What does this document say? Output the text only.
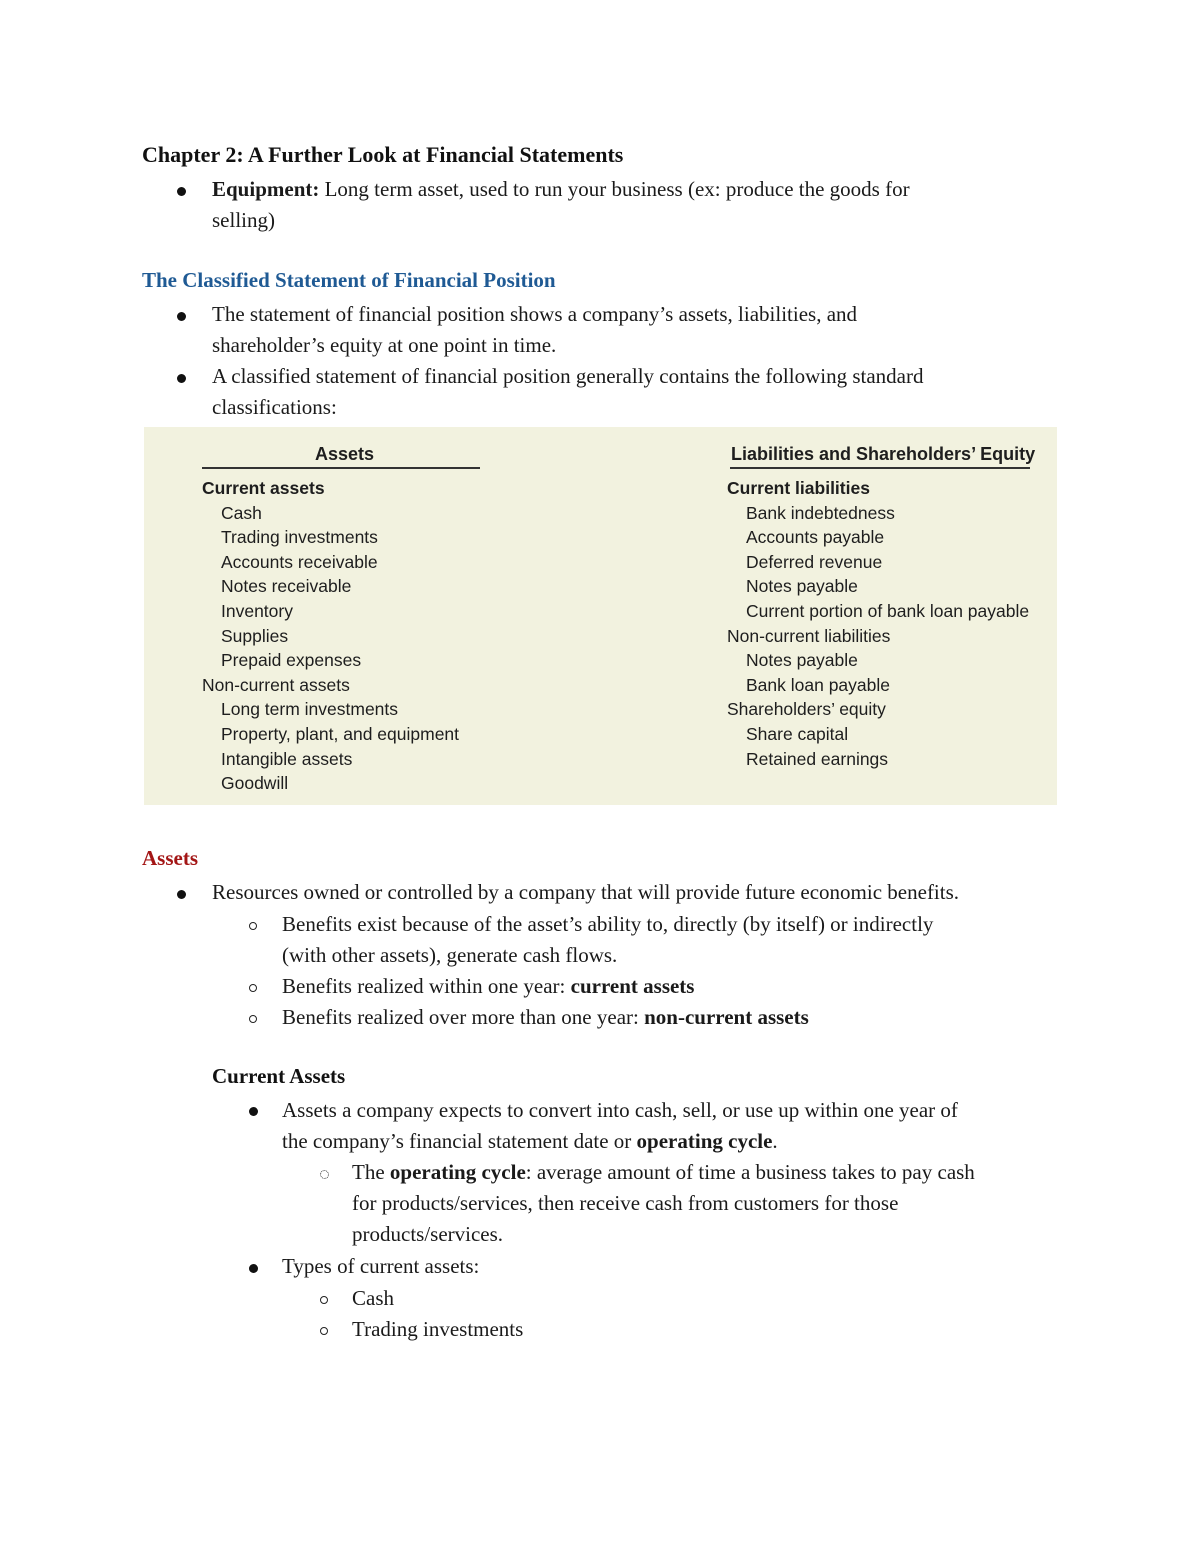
Chapter 2: A Further Look at Financial Statements
Equipment: Long term asset, used to run your business (ex: produce the goods for
selling)
The Classified Statement of Financial Position
The statement of financial position shows a company’s assets, liabilities, and
shareholder’s equity at one point in time.
A classified statement of financial position generally contains the following standard
classifications:
Assets	Liabilities and Shareholders’ Equity
Current assets
Cash
Trading investments
Accounts receivable
Notes receivable
Inventory
Supplies
Prepaid expenses
Non-current assets
Long term investments
Property, plant, and equipment
Intangible assets
Goodwill
Current liabilities
Bank indebtedness
Accounts payable
Deferred revenue
Notes payable
Current portion of bank loan payable
Non-current liabilities
Notes payable
Bank loan payable
Shareholders’ equity
Share capital
Retained earnings
Assets
Resources owned or controlled by a company that will provide future economic benefits.
Benefits exist because of the asset’s ability to, directly (by itself) or indirectly
(with other assets), generate cash flows.
Benefits realized within one year: current assets
Benefits realized over more than one year: non-current assets
Current Assets
Assets a company expects to convert into cash, sell, or use up within one year of
the company’s financial statement date or operating cycle.
The operating cycle: average amount of time a business takes to pay cash
for products/services, then receive cash from customers for those
products/services.
Types of current assets:
Cash
Trading investments
